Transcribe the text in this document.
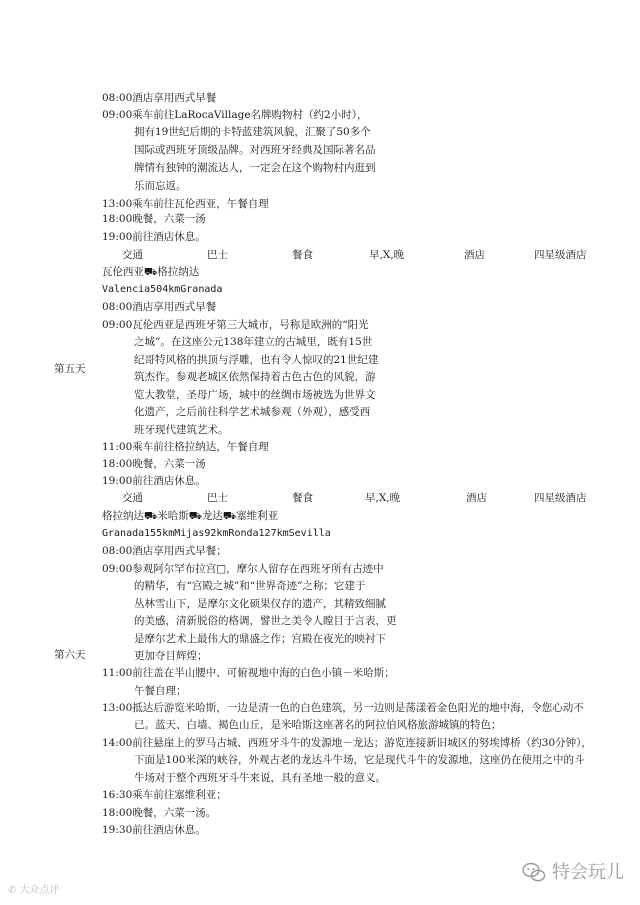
08:00酒店享用西式早餐
09:00乘车前往LaRocaVillage名牌购物村（约2小时），
拥有19世纪后期的卡特蓝建筑风貌，汇聚了50多个
国际或西班牙顶级品牌。对西班牙经典及国际著名品
牌情有独钟的潮流达人，一定会在这个购物村内逛到
乐而忘返。
13:00乘车前往瓦伦西亚，午餐自理
18:00晚餐，六菜一汤
19:00前往酒店休息。
交通	巴士	餐食	早,X,晚	酒店	四星级酒店
瓦伦西亚⛟格拉纳达
Valencia504kmGranada
08:00酒店享用西式早餐
09:00瓦伦西亚是西班牙第三大城市，号称是欧洲的“阳光
之城”。在这座公元138年建立的古城里，既有15世
纪哥特风格的拱顶与浮雕，也有令人惊叹的21世纪建
第五天
筑杰作。参观老城区依然保持着古色古色的风貌，游
览大教堂，圣母广场，城中的丝绸市场被选为世界文
化遗产，之后前往科学艺术城参观（外观），感受西
班牙现代建筑艺术。
11:00乘车前往格拉纳达，午餐自理
18:00晚餐，六菜一汤
19:00前往酒店休息。
交通	巴士	餐食	早,X,晚	酒店	四星级酒店
格拉纳达⛟米哈斯⛟龙达⛟塞维利亚
Granada155kmMijas92kmRonda127kmSevilla
08:00酒店享用西式早餐；
09:00参观阿尔罕布拉宫□，摩尔人留存在西班牙所有古迹中
的精华，有“宫殿之城”和“世界奇迹”之称；它建于
丛林雪山下，是摩尔文化硕果仅存的遗产，其精致细腻
的美感，清新脱俗的格调，譬世之美令人瞠目于言表，更
是摩尔艺术上最伟大的鼎盛之作；宫殿在夜光的映衬下
第六天	更加夺目辉煌；
11:00前往盖在半山腰中、可俯视地中海的白色小镇－米哈斯；
午餐自理；
13:00抵达后游览米哈斯，一边是清一色的白色建筑，另一边则是荡漾着金色阳光的地中海，令您心动不
已。蓝天、白墙、褐色山丘，是米哈斯这座著名的阿拉伯风格旅游城镇的特色；
14:00前往悬崖上的罗马古城、西班牙斗牛的发源地－龙达；游览连接新旧城区的努埃博桥（约30分钟），
下面是100米深的峡谷，外观古老的龙达斗牛场，它是现代斗牛的发源地，这座仍在使用之中的斗
牛场对于整个西班牙斗牛来说，具有圣地一般的意义。
16:30乘车前往塞维利亚；
18:00晚餐，六菜一汤。
19:30前往酒店休息。
✆ 大众点评
特会玩儿
